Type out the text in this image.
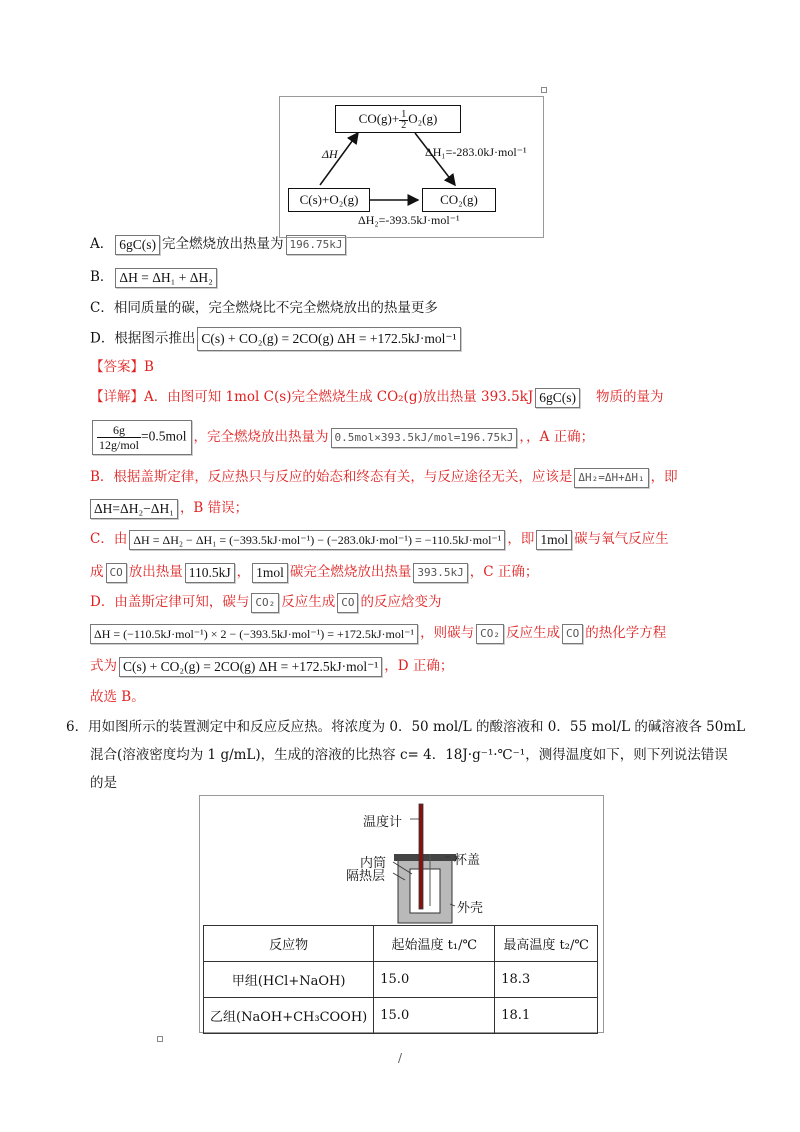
$CO(g)+ \frac{1}{2} O_2(g)$
C(s)+O₂(g)	CO₂(g)
ΔH	ΔH₁=-283.0kJ·mol⁻¹
ΔH₂=-393.5kJ·mol⁻¹
A． 6gC(s) 完全燃烧放出热量为 196.75kJ
B． ΔH = ΔH₁ + ΔH₂
C．相同质量的碳，完全燃烧比不完全燃烧放出的热量更多
D．根据图示推出 C(s) + CO₂(g) = 2CO(g) ΔH = +172.5kJ·mol⁻¹
【答案】B
【详解】A．由图可知 1mol C(s)完全燃烧生成 CO₂(g)放出热量 393.5kJ 6gC(s) 物质的量为
$\frac{6g}{\text{12g/mol}} =0.5mol$ ，完全燃烧放出热量为 0.5mol×393.5kJ/mol=196.75kJ ，，A 正确；
B．根据盖斯定律，反应热只与反应的始态和终态有关，与反应途径无关，应该是 ΔH₂=ΔH+ΔH₁ ，即
ΔH=ΔH₂−ΔH₁ ，B 错误；
C．由 ΔH = ΔH₂ − ΔH₁ = (−393.5kJ·mol⁻¹) − (−283.0kJ·mol⁻¹) = −110.5kJ·mol⁻¹ ，即 1mol 碳与氧气反应生
成 CO 放出热量 110.5kJ ， 1mol 碳完全燃烧放出热量 393.5kJ ，C 正确；
D．由盖斯定律可知，碳与 CO₂ 反应生成 CO 的反应焓变为
ΔH = (−110.5kJ·mol⁻¹) × 2 − (−393.5kJ·mol⁻¹) = +172.5kJ·mol⁻¹ ，则碳与 CO₂ 反应生成 CO 的热化学方程
式为 C(s) + CO₂(g) = 2CO(g) ΔH = +172.5kJ·mol⁻¹ ，D 正确；
故选 B。
6．用如图所示的装置测定中和反应反应热。将浓度为 0．50 mol/L 的酸溶液和 0．55 mol/L 的碱溶液各 50mL
混合(溶液密度均为 1 g/mL)，生成的溶液的比热容 c= 4．18J·g⁻¹·℃⁻¹，测得温度如下，则下列说法错误
的是
温度计
杯盖
内筒
隔热层
外壳
反应物	起始温度 t₁/℃	最高温度 t₂/℃
甲组(HCl+NaOH)	15.0	18.3
乙组(NaOH+CH₃COOH)	15.0	18.1
/
